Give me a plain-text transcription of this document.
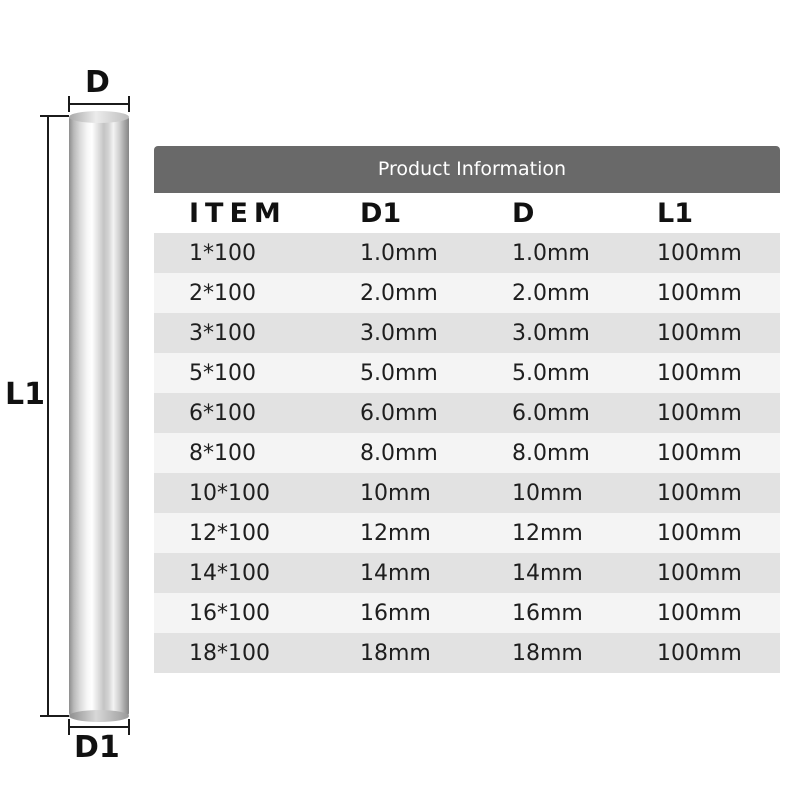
D
L1
D1
Product Information
ITEM	D1	D	L1
1*100	1.0mm	1.0mm	100mm
2*100	2.0mm	2.0mm	100mm
3*100	3.0mm	3.0mm	100mm
5*100	5.0mm	5.0mm	100mm
6*100	6.0mm	6.0mm	100mm
8*100	8.0mm	8.0mm	100mm
10*100	10mm	10mm	100mm
12*100	12mm	12mm	100mm
14*100	14mm	14mm	100mm
16*100	16mm	16mm	100mm
18*100	18mm	18mm	100mm
